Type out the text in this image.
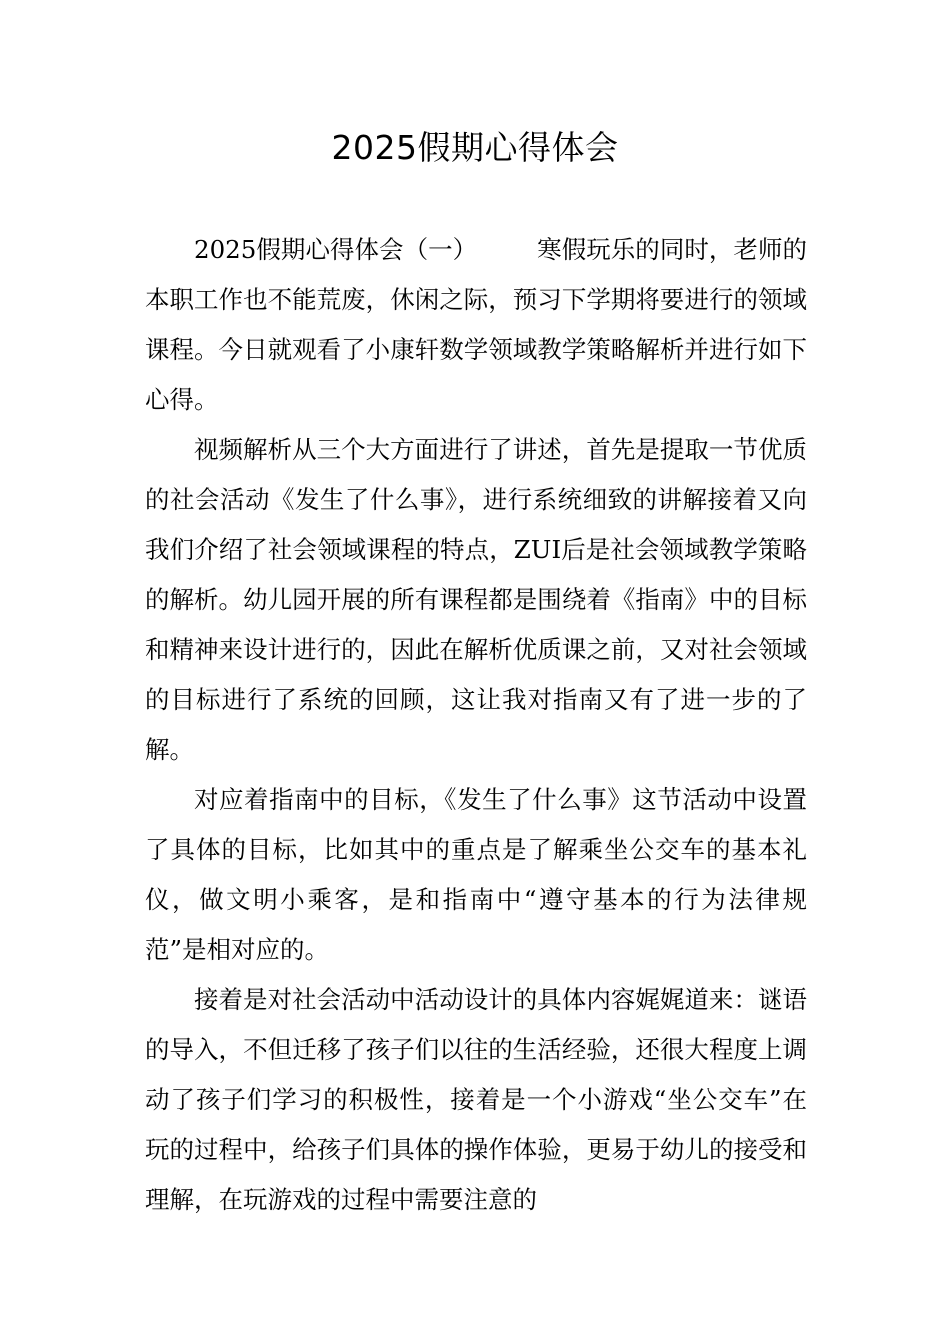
2025假期心得体会

2025假期心得体会（一） 寒假玩乐的同时，老师的本职工作也不能荒废，休闲之际，预习下学期将要进行的领域课程。今日就观看了小康轩数学领域教学策略解析并进行如下心得。

视频解析从三个大方面进行了讲述，首先是提取一节优质的社会活动《发生了什么事》，进行系统细致的讲解接着又向我们介绍了社会领域课程的特点，ZUI后是社会领域教学策略的解析。幼儿园开展的所有课程都是围绕着《指南》中的目标和精神来设计进行的，因此在解析优质课之前，又对社会领域的目标进行了系统的回顾，这让我对指南又有了进一步的了解。

对应着指南中的目标，《发生了什么事》这节活动中设置了具体的目标，比如其中的重点是了解乘坐公交车的基本礼仪，做文明小乘客，是和指南中“遵守基本的行为法律规范”是相对应的。

接着是对社会活动中活动设计的具体内容娓娓道来：谜语的导入，不但迁移了孩子们以往的生活经验，还很大程度上调动了孩子们学习的积极性，接着是一个小游戏“坐公交车”在玩的过程中，给孩子们具体的操作体验，更易于幼儿的接受和理解，在玩游戏的过程中需要注意的
